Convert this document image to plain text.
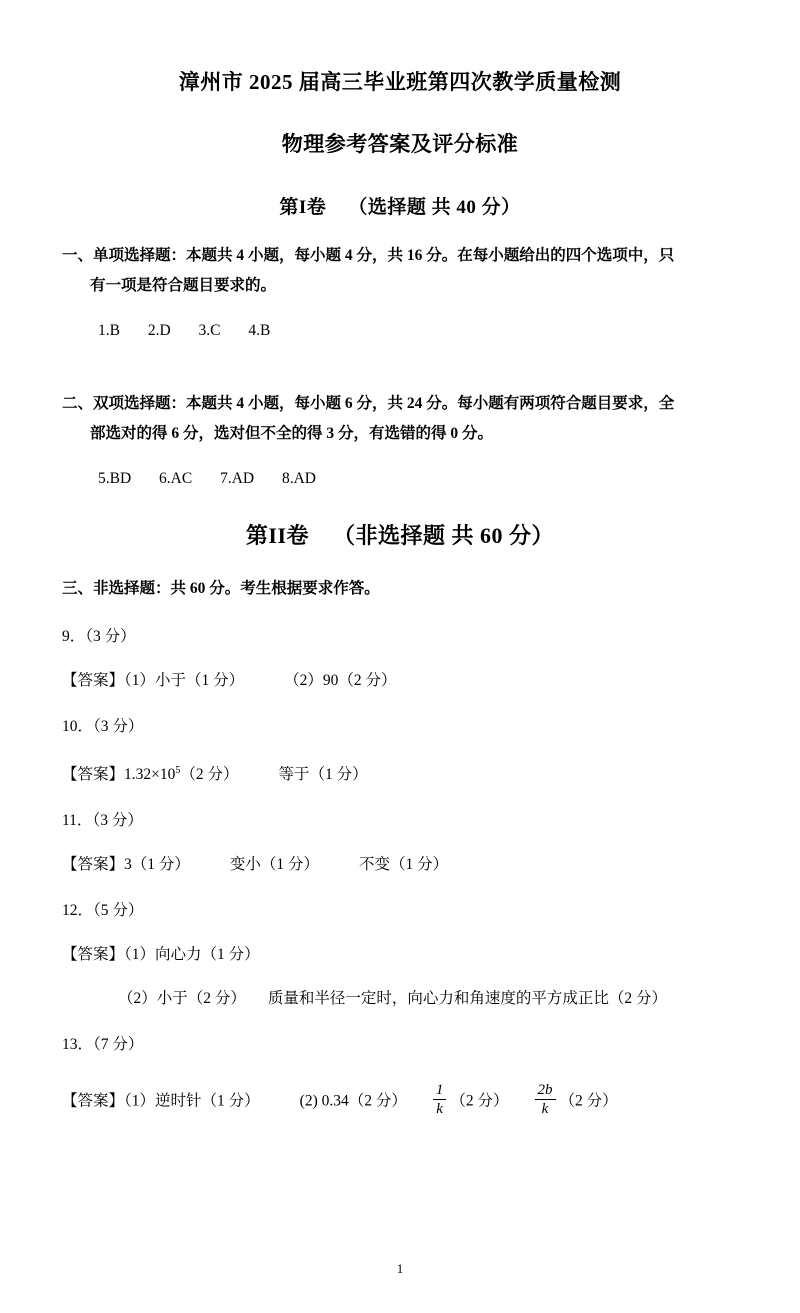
漳州市 2025 届高三毕业班第四次教学质量检测
物理参考答案及评分标准
第I卷 （选择题 共 40 分）
一、单项选择题：本题共 4 小题，每小题 4 分，共 16 分。在每小题给出的四个选项中，只
有一项是符合题目要求的。
1.B 2.D 3.C 4.B
二、双项选择题：本题共 4 小题，每小题 6 分，共 24 分。每小题有两项符合题目要求，全
部选对的得 6 分，选对但不全的得 3 分，有选错的得 0 分。
5.BD 6.AC 7.AD 8.AD
第II卷 （非选择题 共 60 分）
三、非选择题：共 60 分。考生根据要求作答。
9．（3 分）
【答案】（1）小于（1 分）	（2）90（2 分）
10．（3 分）
【答案】$1.32\times 10^5(2$ 分）	等于（1 分）
11．（3 分）
【答案】3（1 分）	变小（1 分）	不变（1 分）
12．（5 分）
【答案】（1）向心力（1 分）
（2）小于（2 分） 质量和半径一定时，向心力和角速度的平方成正比（2 分）
13．（7 分）
【答案】（1）逆时针（1 分）	(2) 0.34（2 分） $\frac{1}{k} (2$ 分） $\frac{2b}{k} (2$ 分）
1
